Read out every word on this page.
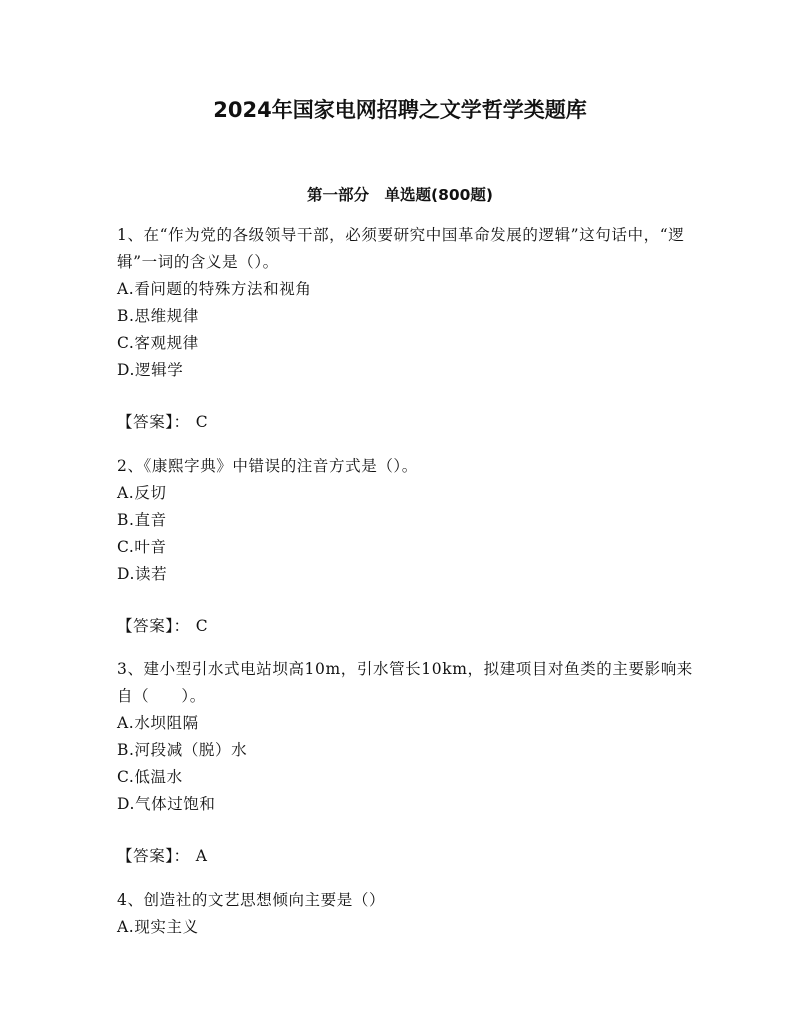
2024年国家电网招聘之文学哲学类题库
第一部分　单选题(800题)
1、在“作为党的各级领导干部，必须要研究中国革命发展的逻辑”这句话中，“逻辑”一词的含义是（）。
A.看问题的特殊方法和视角
B.思维规律
C.客观规律
D.逻辑学
【答案】： C
2、《康熙字典》中错误的注音方式是（）。
A.反切
B.直音
C.叶音
D.读若
【答案】： C
3、建小型引水式电站坝高10m，引水管长10km，拟建项目对鱼类的主要影响来自（　　）。
A.水坝阻隔
B.河段减（脱）水
C.低温水
D.气体过饱和
【答案】： A
4、创造社的文艺思想倾向主要是（）
A.现实主义
